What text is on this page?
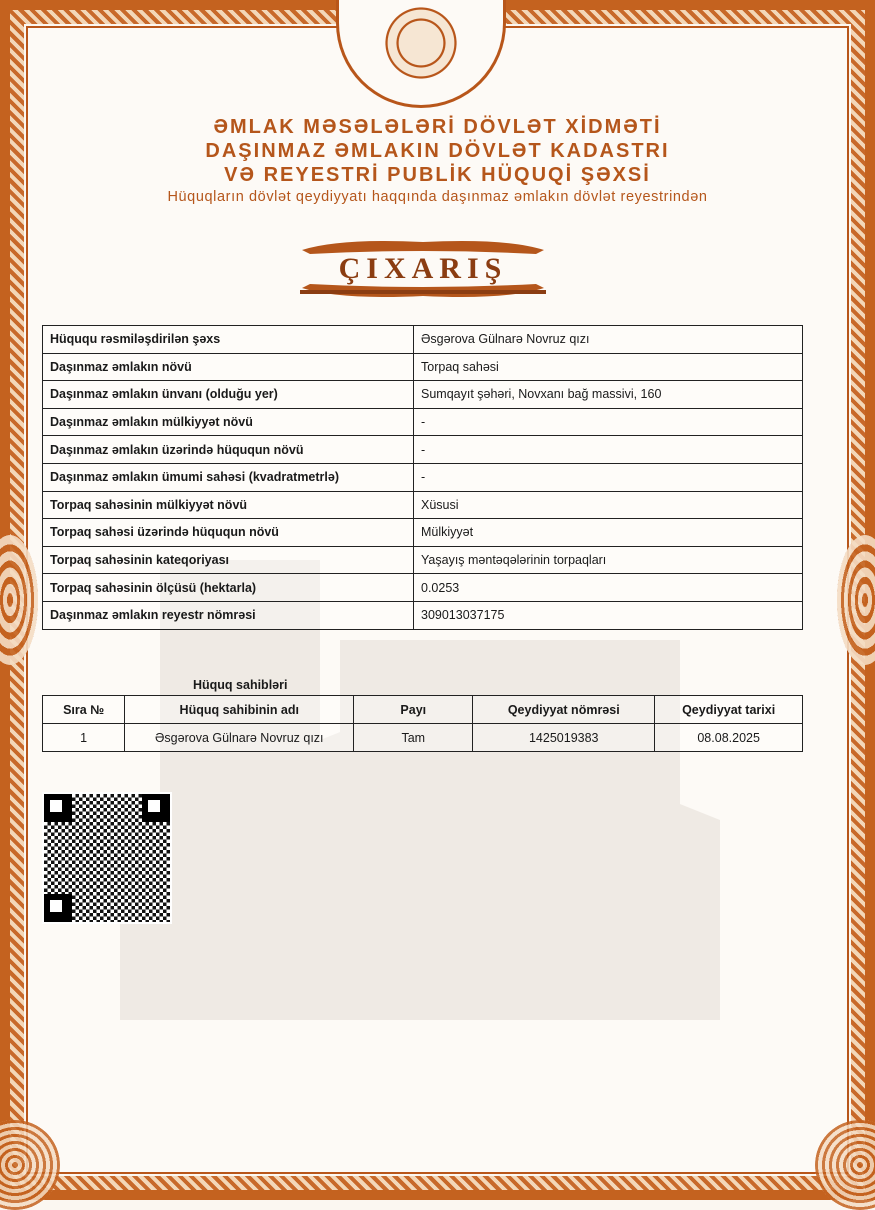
ƏMLAK MƏSƏLƏLƏRİ DÖVLƏT XİDMƏTİ
DAŞINMAZ ƏMLAKIN DÖVLƏT KADASTRI
VƏ REYESTRİ PUBLİK HÜQUQİ ŞƏXSİ
Hüquqların dövlət qeydiyyatı haqqında daşınmaz əmlakın dövlət reyestrindən
ÇIXARIŞ
Hüququ rəsmiləşdirilən şəxs	Əsgərova Gülnarə Novruz qızı
Daşınmaz əmlakın növü	Torpaq sahəsi
Daşınmaz əmlakın ünvanı (olduğu yer)	Sumqayıt şəhəri, Novxanı bağ massivi, 160
Daşınmaz əmlakın mülkiyyət növü	-
Daşınmaz əmlakın üzərində hüququn növü	-
Daşınmaz əmlakın ümumi sahəsi (kvadratmetrlə)	-
Torpaq sahəsinin mülkiyyət növü	Xüsusi
Torpaq sahəsi üzərində hüququn növü	Mülkiyyət
Torpaq sahəsinin kateqoriyası	Yaşayış məntəqələrinin torpaqları
Torpaq sahəsinin ölçüsü (hektarla)	0.0253
Daşınmaz əmlakın reyestr nömrəsi	309013037175
Hüquq sahibləri
Sıra №	Hüquq sahibinin adı	Payı	Qeydiyyat nömrəsi	Qeydiyyat tarixi
1	Əsgərova Gülnarə Novruz qızı	Tam	1425019383	08.08.2025
